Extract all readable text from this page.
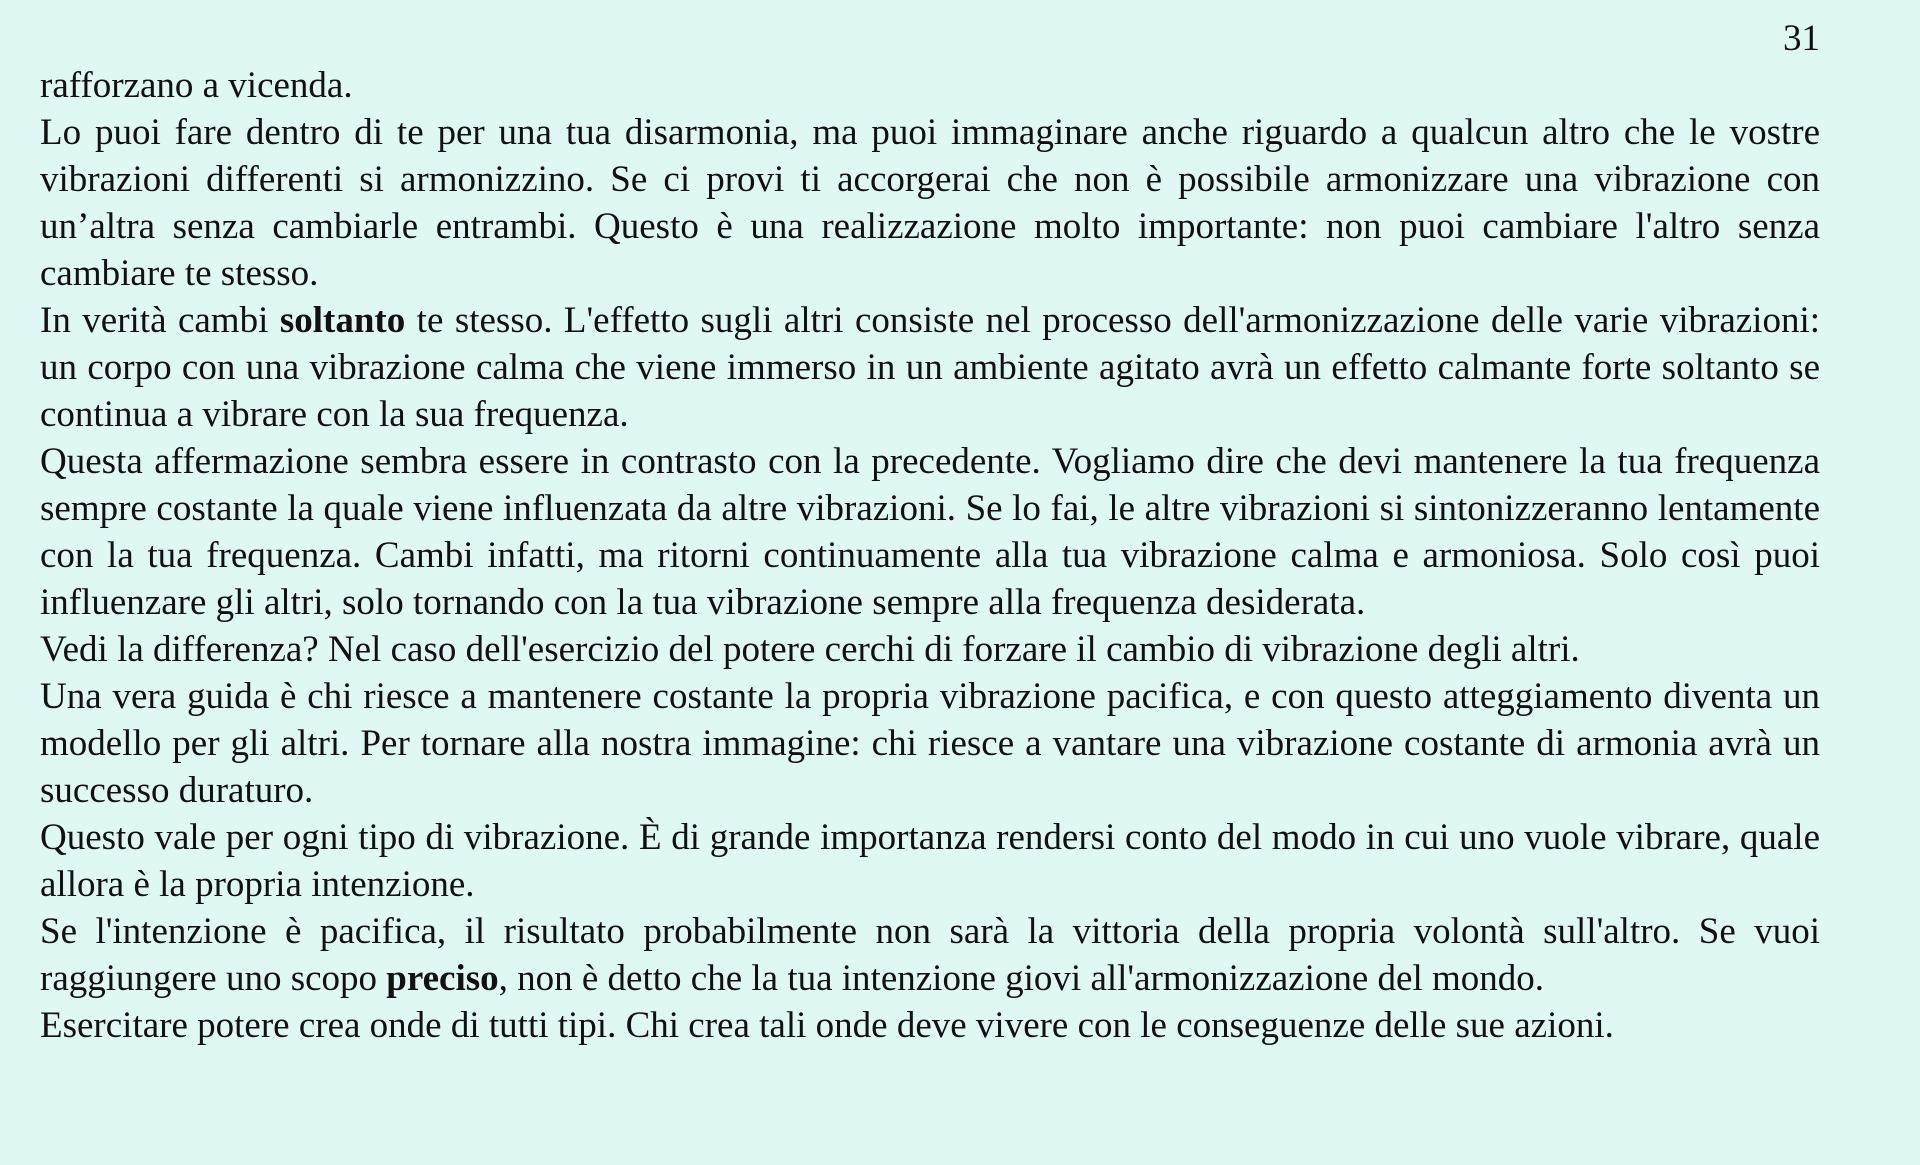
31

rafforzano a vicenda.

Lo puoi fare dentro di te per una tua disarmonia, ma puoi immaginare anche riguardo a qualcun altro che le vostre vibrazioni differenti si armonizzino. Se ci provi ti accorgerai che non è possibile armonizzare una vibrazione con un’altra senza cambiarle entrambi. Questo è una realizzazione molto importante: non puoi cambiare l'altro senza cambiare te stesso.

In verità cambi soltanto te stesso. L'effetto sugli altri consiste nel processo dell'armonizzazione delle varie vibrazioni: un corpo con una vibrazione calma che viene immerso in un ambiente agitato avrà un effetto calmante forte soltanto se continua a vibrare con la sua frequenza.

Questa affermazione sembra essere in contrasto con la precedente. Vogliamo dire che devi mantenere la tua frequenza sempre costante la quale viene influenzata da altre vibrazioni. Se lo fai, le altre vibrazioni si sintonizzeranno lentamente con la tua frequenza. Cambi infatti, ma ritorni continuamente alla tua vibrazione calma e armoniosa. Solo così puoi influenzare gli altri, solo tornando con la tua vibrazione sempre alla frequenza desiderata.

Vedi la differenza? Nel caso dell'esercizio del potere cerchi di forzare il cambio di vibrazione degli altri.

Una vera guida è chi riesce a mantenere costante la propria vibrazione pacifica, e con questo atteggiamento diventa un modello per gli altri. Per tornare alla nostra immagine: chi riesce a vantare una vibrazione costante di armonia avrà un successo duraturo.

Questo vale per ogni tipo di vibrazione. È di grande importanza rendersi conto del modo in cui uno vuole vibrare, quale allora è la propria intenzione.

Se l'intenzione è pacifica, il risultato probabilmente non sarà la vittoria della propria volontà sull'altro. Se vuoi raggiungere uno scopo preciso, non è detto che la tua intenzione giovi all'armonizzazione del mondo.

Esercitare potere crea onde di tutti tipi. Chi crea tali onde deve vivere con le conseguenze delle sue azioni.
